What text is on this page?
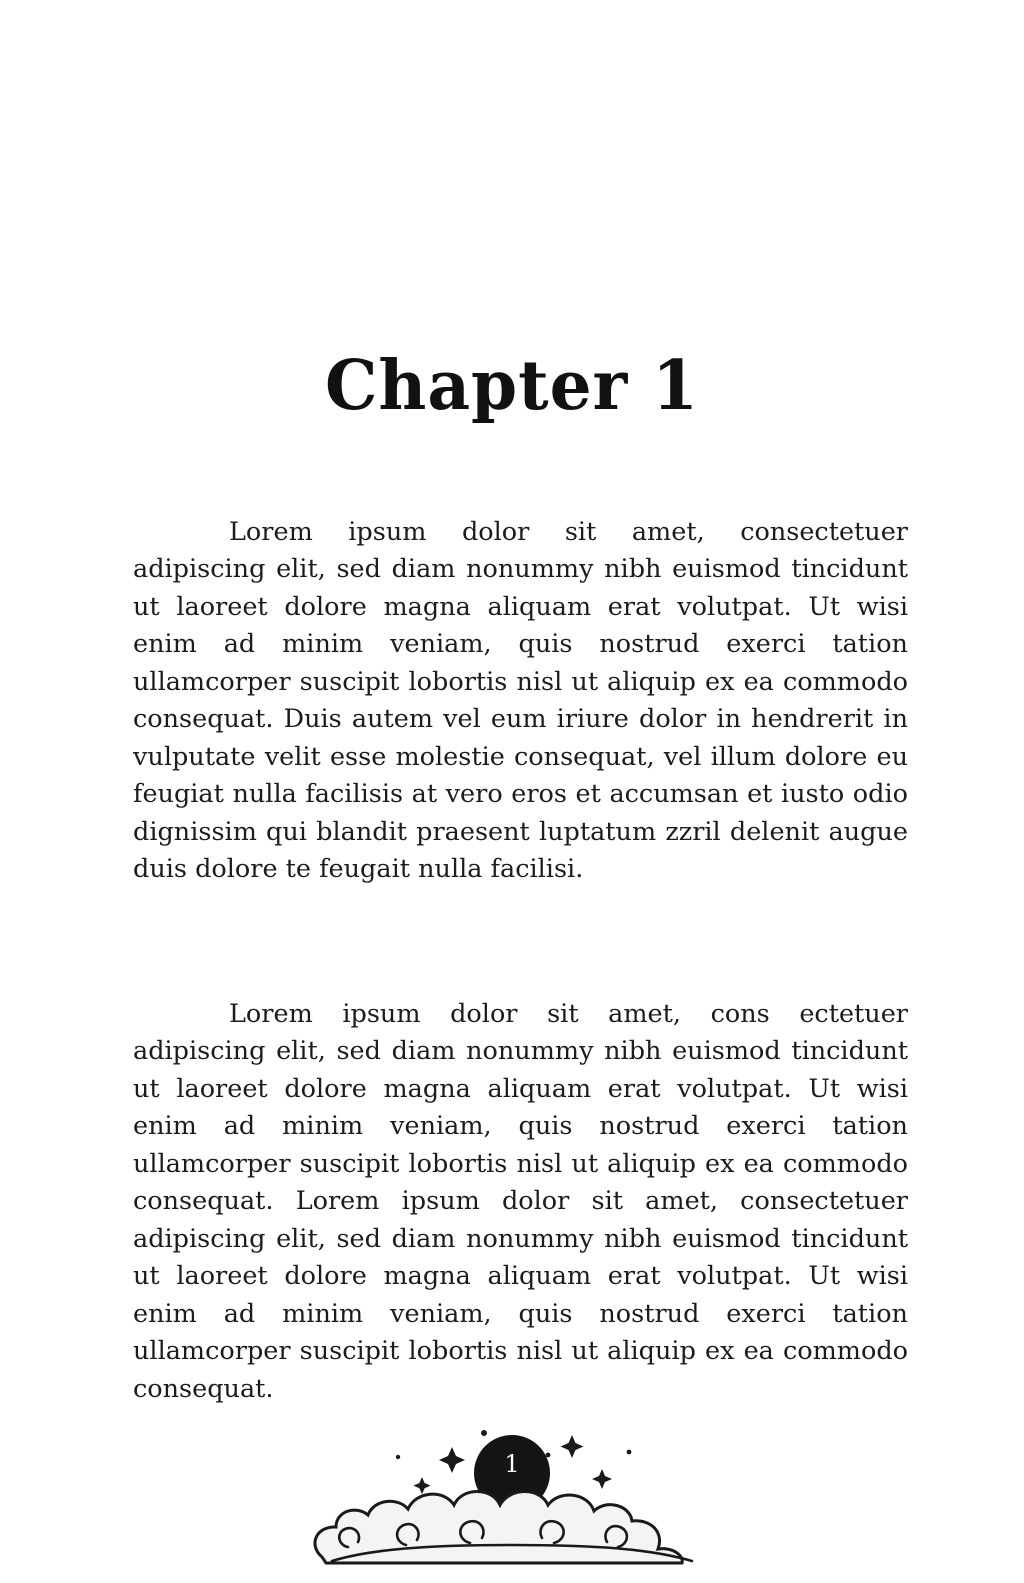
Chapter 1

Lorem ipsum dolor sit amet, consectetuer adipiscing elit, sed diam nonummy nibh euismod tincidunt ut laoreet dolore magna aliquam erat volutpat. Ut wisi enim ad minim veniam, quis nostrud exerci tation ullamcorper suscipit lobortis nisl ut aliquip ex ea commodo consequat. Duis autem vel eum iriure dolor in hendrerit in vulputate velit esse molestie consequat, vel illum dolore eu feugiat nulla facilisis at vero eros et accumsan et iusto odio dignissim qui blandit praesent luptatum zzril delenit augue duis dolore te feugait nulla facilisi.

Lorem ipsum dolor sit amet, cons ectetuer adipiscing elit, sed diam nonummy nibh euismod tincidunt ut laoreet dolore magna aliquam erat volutpat. Ut wisi enim ad minim veniam, quis nostrud exerci tation ullamcorper suscipit lobortis nisl ut aliquip ex ea commodo consequat. Lorem ipsum dolor sit amet, consectetuer adipiscing elit, sed diam nonummy nibh euismod tincidunt ut laoreet dolore magna aliquam erat volutpat. Ut wisi enim ad minim veniam, quis nostrud exerci tation ullamcorper suscipit lobortis nisl ut aliquip ex ea commodo consequat.

1
